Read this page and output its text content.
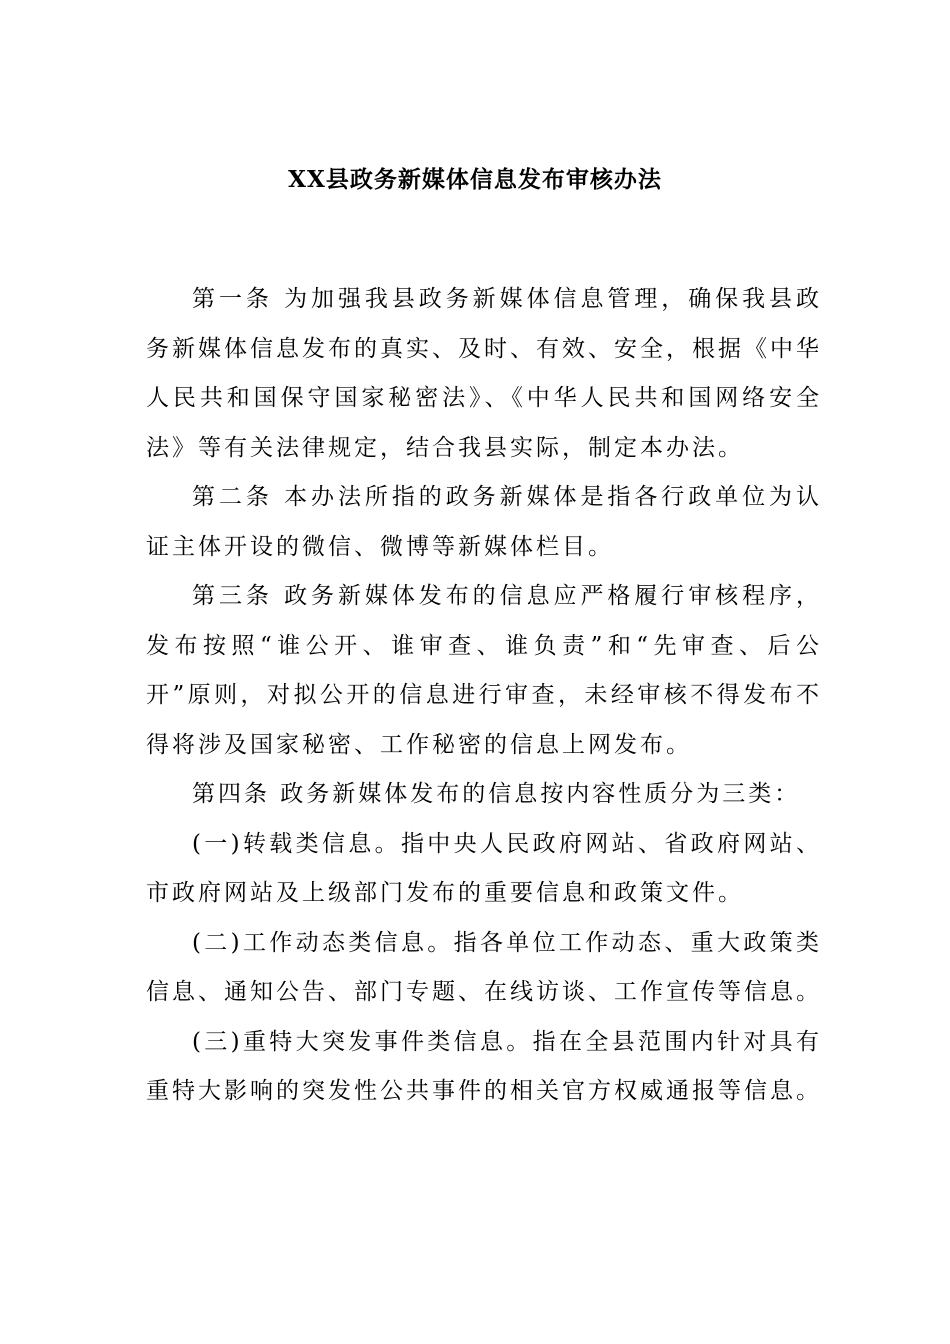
XX县政务新媒体信息发布审核办法

第一条 为加强我县政务新媒体信息管理，确保我县政务新媒体信息发布的真实、及时、有效、安全，根据《中华人民共和国保守国家秘密法》、《中华人民共和国网络安全法》等有关法律规定，结合我县实际，制定本办法。

第二条 本办法所指的政务新媒体是指各行政单位为认证主体开设的微信、微博等新媒体栏目。

第三条 政务新媒体发布的信息应严格履行审核程序，发布按照“谁公开、谁审查、谁负责”和“先审查、后公开”原则，对拟公开的信息进行审查，未经审核不得发布不得将涉及国家秘密、工作秘密的信息上网发布。

第四条 政务新媒体发布的信息按内容性质分为三类：

(一)转载类信息。指中央人民政府网站、省政府网站、市政府网站及上级部门发布的重要信息和政策文件。

(二)工作动态类信息。指各单位工作动态、重大政策类信息、通知公告、部门专题、在线访谈、工作宣传等信息。

(三)重特大突发事件类信息。指在全县范围内针对具有重特大影响的突发性公共事件的相关官方权威通报等信息。
